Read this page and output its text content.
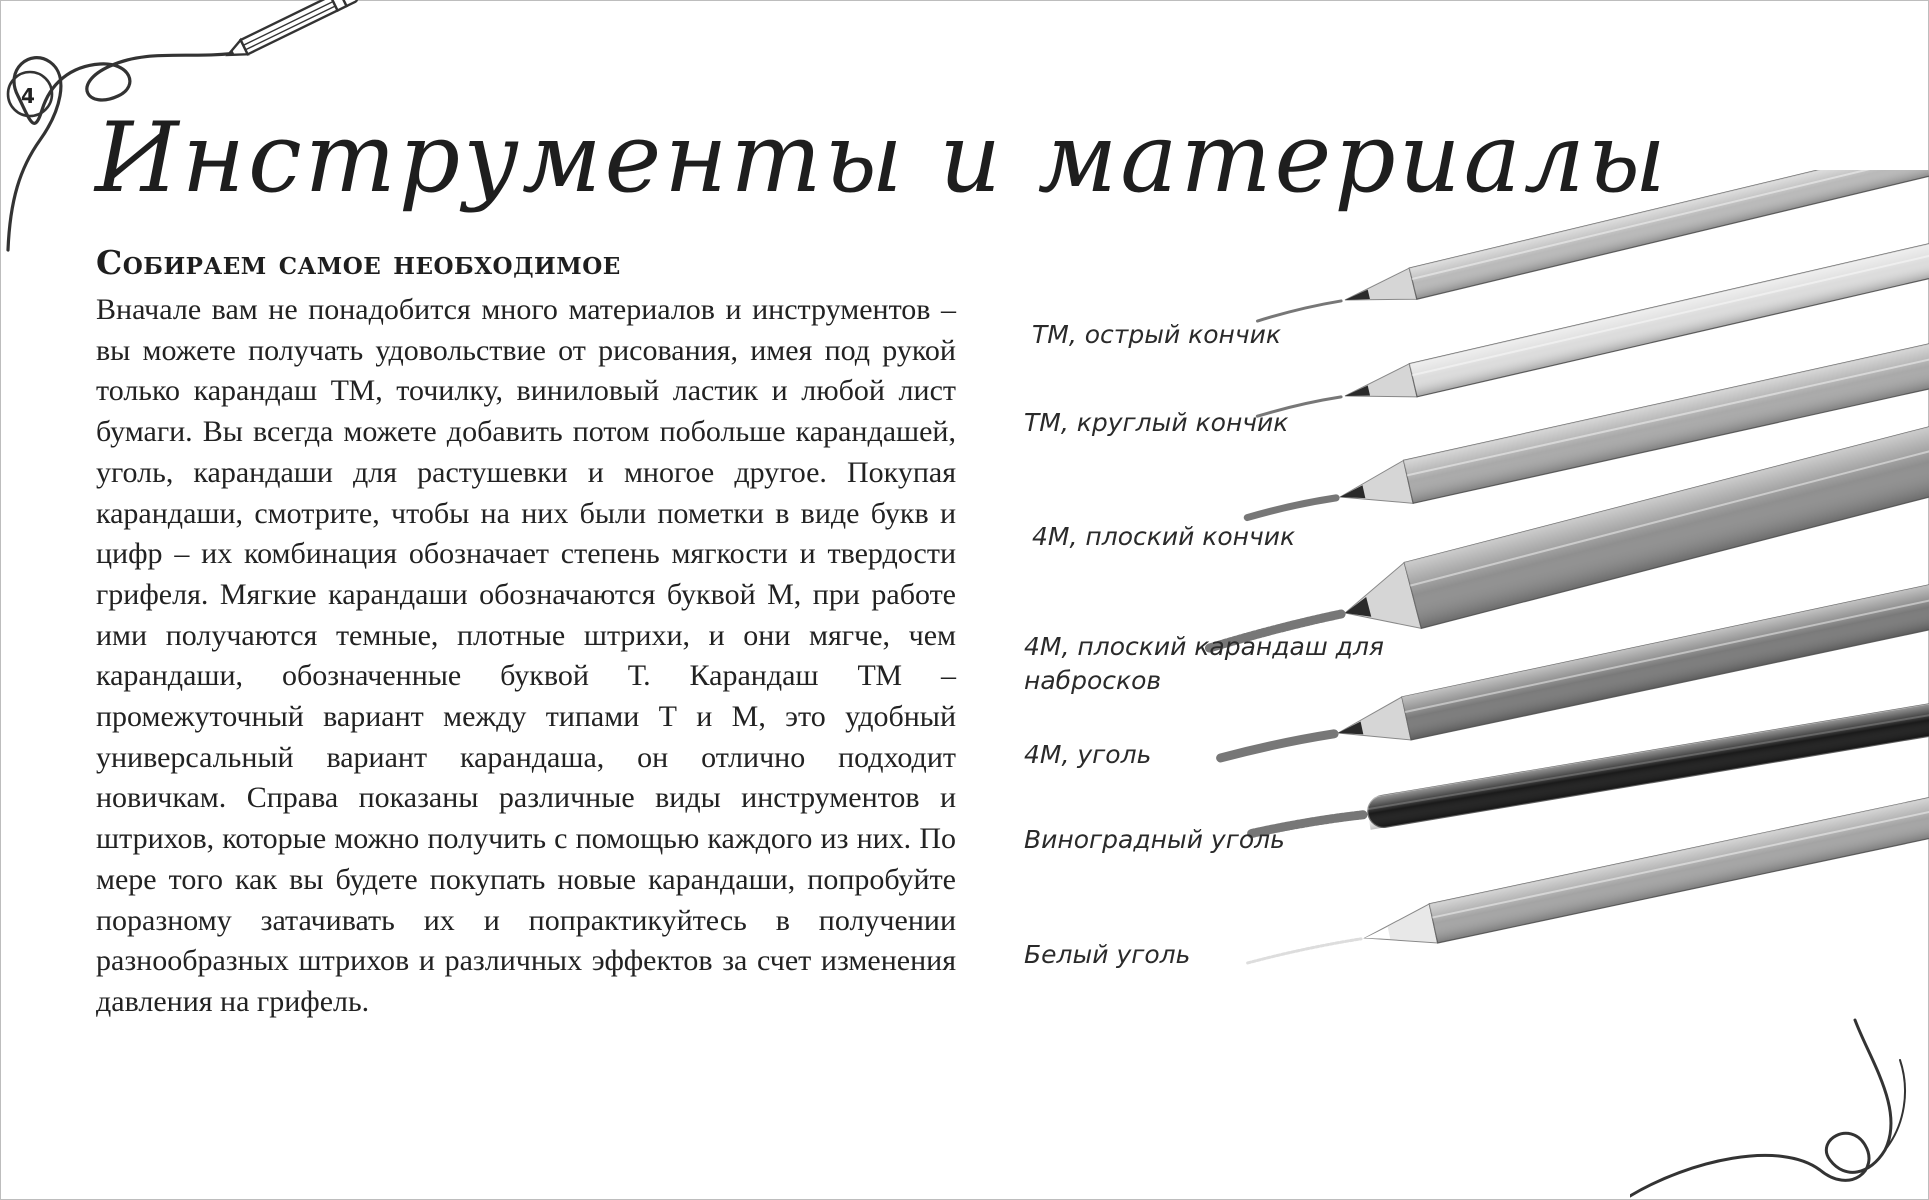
4
Инструменты и материалы
Собираем самое необходимое

Вначале вам не понадобится много материалов и инструментов – вы можете получать удовольствие от рисования, имея под рукой только карандаш ТМ, точилку, виниловый ластик и любой лист бумаги. Вы всегда можете добавить потом побольше карандашей, уголь, карандаши для растушевки и многое другое. Покупая карандаши, смотрите, чтобы на них были пометки в виде букв и цифр – их комбинация обозначает степень мягкости и твердости грифеля. Мягкие карандаши обозначаются буквой М, при работе ими получаются темные, плотные штрихи, и они мягче, чем карандаши, обозначенные буквой Т. Карандаш ТМ – промежуточный вариант между типами Т и М, это удобный универсальный вариант карандаша, он отлично подходит новичкам. Справа показаны различные виды инструментов и штрихов, которые можно получить с помощью каждого из них. По мере того как вы будете покупать новые карандаши, попробуйте поразному затачивать их и попрактикуйтесь в получении разнообразных штрихов и различных эффектов за счет изменения давления на грифель.

ТМ, острый кончик
ТМ, круглый кончик
4М, плоский кончик
4М, плоский карандаш для набросков
4М, уголь
Виноградный уголь
Белый уголь
